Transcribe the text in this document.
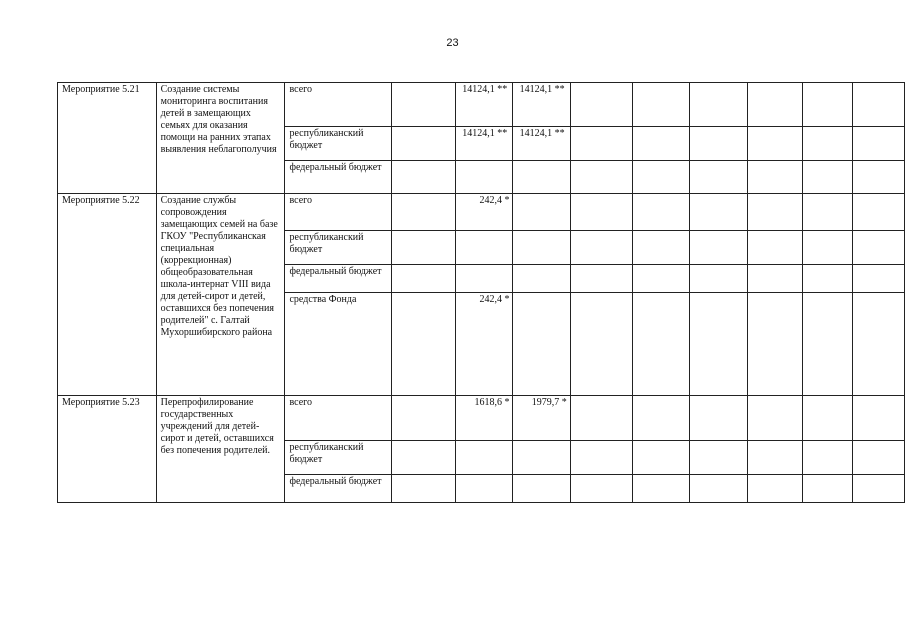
23
Мероприятие 5.21	Создание системы мониторинга воспитания детей в замещающих семьях для оказания помощи на ранних этапах выявления неблагополучия	всего		14124,1 **	14124,1 **						
		республиканский бюджет		14124,1 **	14124,1 **						
		федеральный бюджет									
Мероприятие 5.22	Создание службы сопровождения замещающих семей на базе ГКОУ "Республиканская специальная (коррекционная) общеобразовательная школа-интернат VIII вида для детей-сирот и детей, оставшихся без попечения родителей" с. Галтай Мухоршибирского района	всего		242,4 *							
		республиканский бюджет									
		федеральный бюджет									
		средства Фонда		242,4 *							
Мероприятие 5.23	Перепрофилирование государственных учреждений для детей-сирот и детей, оставшихся без попечения родителей.	всего		1618,6 *	1979,7 *						
		республиканский бюджет									
		федеральный бюджет									
